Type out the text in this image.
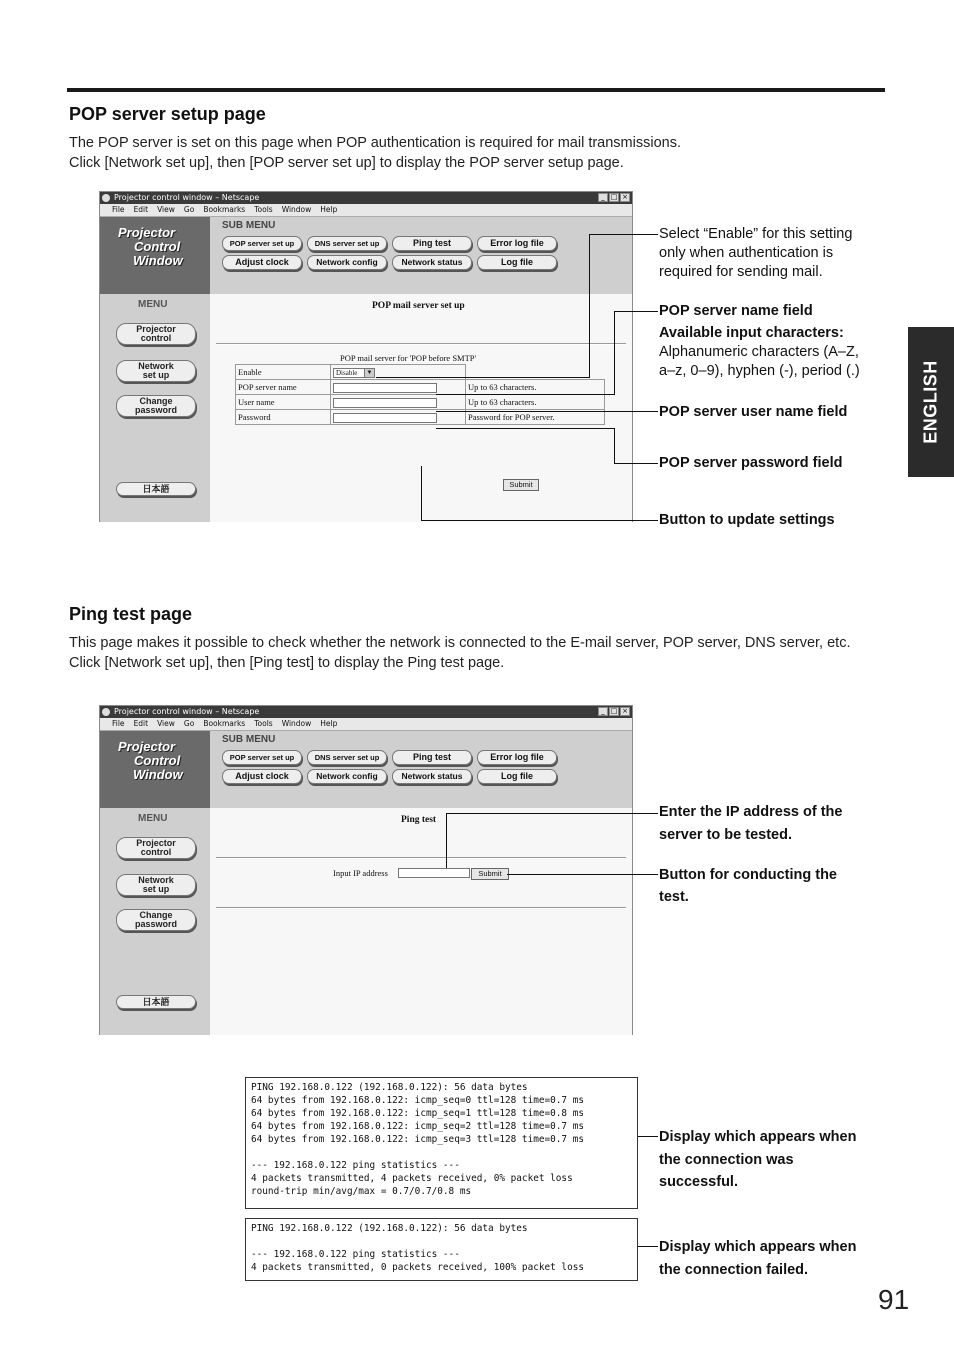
ENGLISH
POP server setup page

The POP server is set on this page when POP authentication is required for mail transmissions.

Click [Network set up], then [POP server set up] to display the POP server setup page.

Projector control window – Netscape	_ □ ×
File Edit View Go Bookmarks Tools Window Help
Projector
Control
Window
SUB MENU
POP server set up	DNS server set up	Ping test	Error log file
Adjust clock	Network config	Network status	Log file
MENU
Projector
control
Network
set up
Change
password
日本語
POP mail server set up
POP mail server for 'POP before SMTP'
Enable	Disable ▼	

POP server name		Up to 63 characters.
User name		Up to 63 characters.
Password		Password for POP server.
Submit
Select “Enable” for this setting
only when authentication is
required for sending mail.
POP server name field
Available input characters:
Alphanumeric characters (A–Z,
a–z, 0–9), hyphen (-), period (.)
POP server user name field
POP server password field
Button to update settings
Ping test page

This page makes it possible to check whether the network is connected to the E-mail server, POP server, DNS server, etc.

Click [Network set up], then [Ping test] to display the Ping test page.

Projector control window – Netscape	_ □ ×
File Edit View Go Bookmarks Tools Window Help
Projector
Control
Window
SUB MENU
POP server set up	DNS server set up	Ping test	Error log file
Adjust clock	Network config	Network status	Log file
MENU
Projector
control
Network
set up
Change
password
日本語
Ping test
Input IP address	Submit
Enter the IP address of the
server to be tested.
Button for conducting the
test.
Display which appears when
the connection was
successful.
Display which appears when
the connection failed.
PING 192.168.0.122 (192.168.0.122): 56 data bytes
64 bytes from 192.168.0.122: icmp_seq=0 ttl=128 time=0.7 ms
64 bytes from 192.168.0.122: icmp_seq=1 ttl=128 time=0.8 ms
64 bytes from 192.168.0.122: icmp_seq=2 ttl=128 time=0.7 ms
64 bytes from 192.168.0.122: icmp_seq=3 ttl=128 time=0.7 ms

--- 192.168.0.122 ping statistics ---
4 packets transmitted, 4 packets received, 0% packet loss
round-trip min/avg/max = 0.7/0.7/0.8 ms
PING 192.168.0.122 (192.168.0.122): 56 data bytes

--- 192.168.0.122 ping statistics ---
4 packets transmitted, 0 packets received, 100% packet loss
91
